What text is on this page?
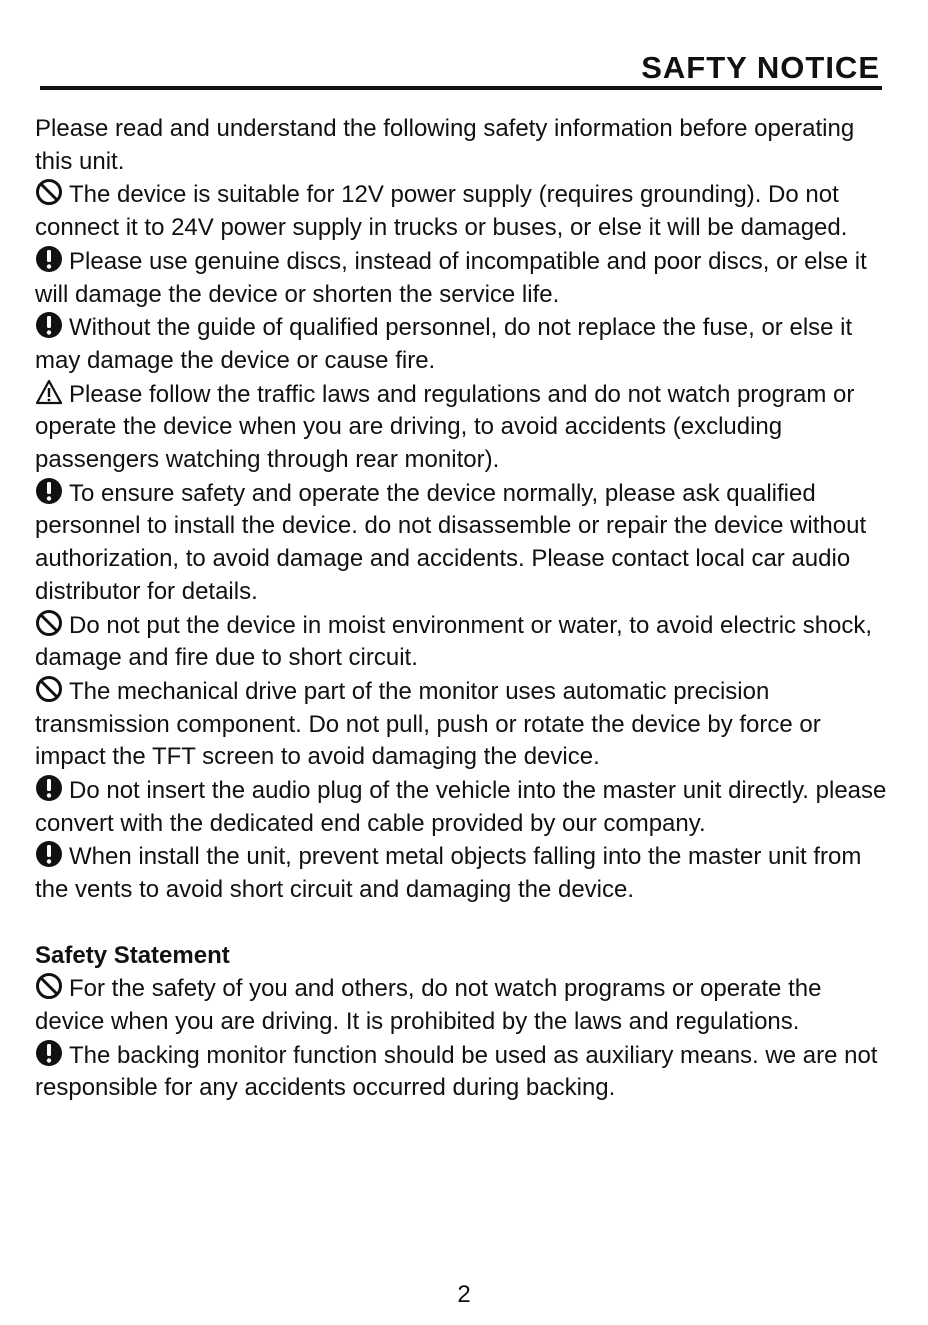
SAFTY NOTICE

Please read and understand the following safety information before operating this unit.

The device is suitable for 12V power supply (requires grounding). Do not connect it to 24V power supply in trucks or buses, or else it will be damaged.

Please use genuine discs, instead of incompatible and poor discs, or else it will damage the device or shorten the service life.

Without the guide of qualified personnel, do not replace the fuse, or else it may damage the device or cause fire.

Please follow the traffic laws and regulations and do not watch program or operate the device when you are driving, to avoid accidents (excluding passengers watching through rear monitor).

To ensure safety and operate the device normally, please ask qualified personnel to install the device. do not disassemble or repair the device without authorization, to avoid damage and accidents. Please contact local car audio distributor for details.

Do not put the device in moist environment or water, to avoid electric shock, damage and fire due to short circuit.

The mechanical drive part of the monitor uses automatic precision transmission component. Do not pull, push or rotate the device by force or impact the TFT screen to avoid damaging the device.

Do not insert the audio plug of the vehicle into the master unit directly. please convert with the dedicated end cable provided by our company.

When install the unit, prevent metal objects falling into the master unit from the vents to avoid short circuit and damaging the device.

Safety Statement

For the safety of you and others, do not watch programs or operate the device when you are driving. It is prohibited by the laws and regulations.

The backing monitor function should be used as auxiliary means. we are not responsible for any accidents occurred during backing.

2
